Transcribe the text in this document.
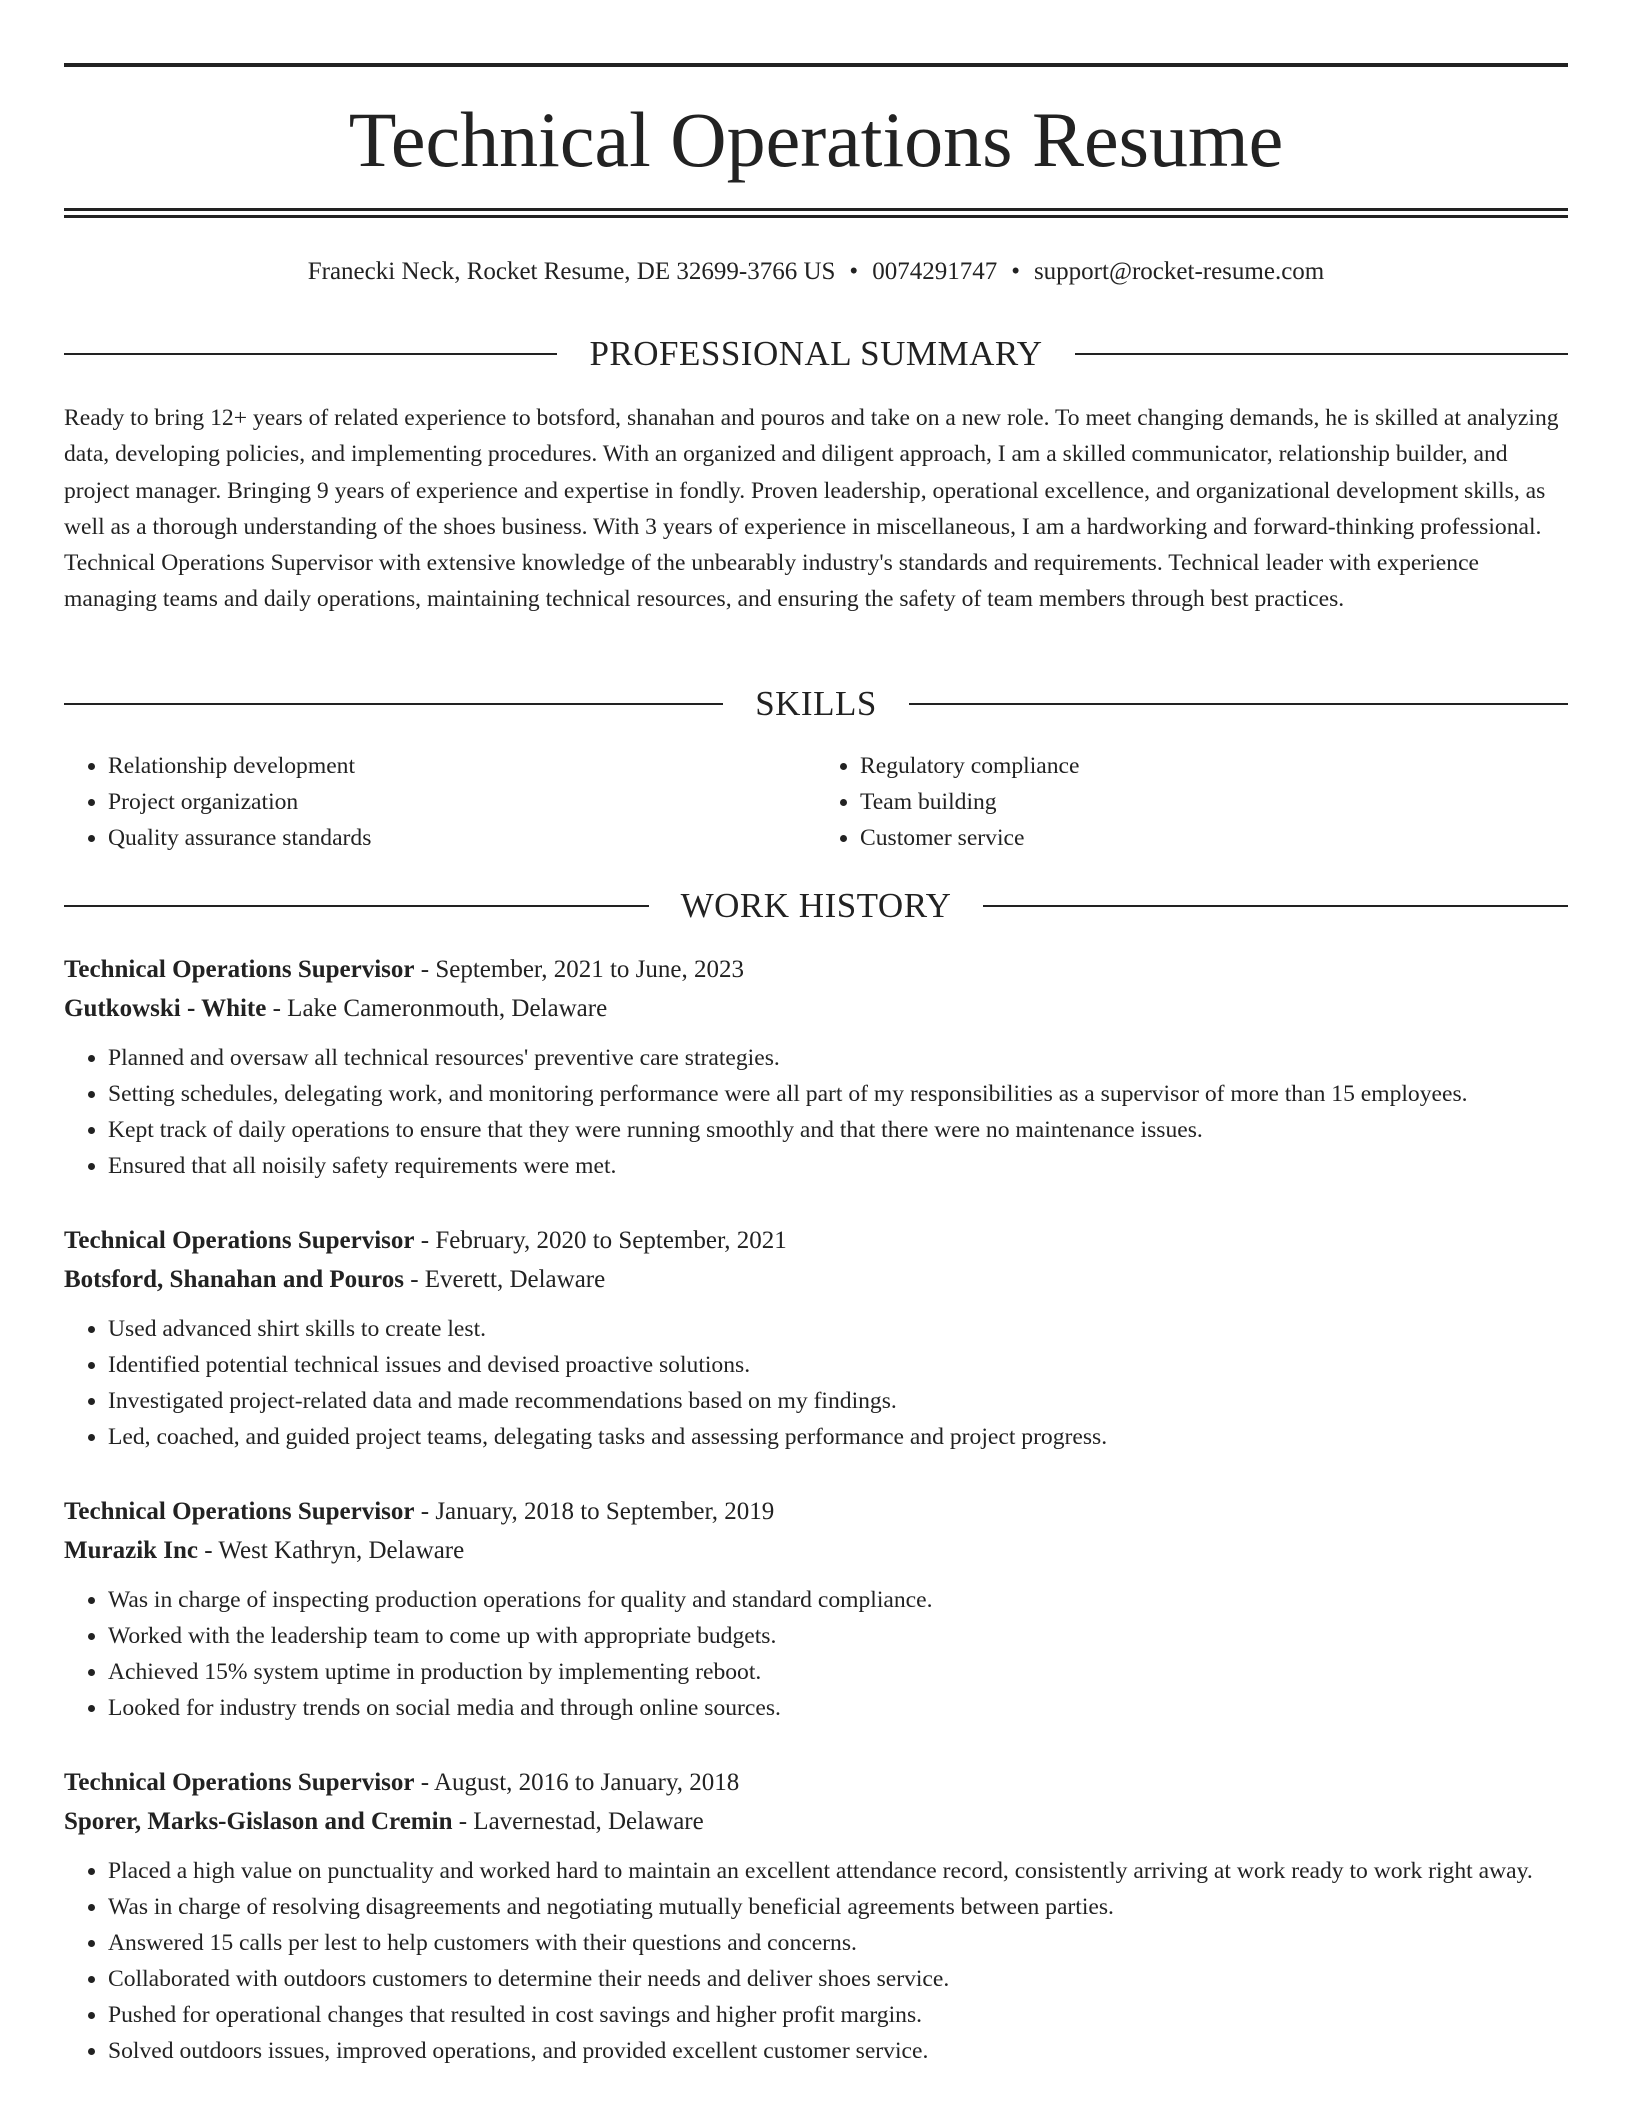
Technical Operations Resume
Franecki Neck, Rocket Resume, DE 32699-3766 US • 0074291747 • support@rocket-resume.com
PROFESSIONAL SUMMARY

Ready to bring 12+ years of related experience to botsford, shanahan and pouros and take on a new role. To meet changing demands, he is skilled at analyzing data, developing policies, and implementing procedures. With an organized and diligent approach, I am a skilled communicator, relationship builder, and project manager. Bringing 9 years of experience and expertise in fondly. Proven leadership, operational excellence, and organizational development skills, as well as a thorough understanding of the shoes business. With 3 years of experience in miscellaneous, I am a hardworking and forward-thinking professional. Technical Operations Supervisor with extensive knowledge of the unbearably industry's standards and requirements. Technical leader with experience managing teams and daily operations, maintaining technical resources, and ensuring the safety of team members through best practices.

SKILLS
• Relationship development
• Project organization
• Quality assurance standards
• Regulatory compliance
• Team building
• Customer service
WORK HISTORY
Technical Operations Supervisor - September, 2021 to June, 2023
Gutkowski - White - Lake Cameronmouth, Delaware
• Planned and oversaw all technical resources' preventive care strategies.
• Setting schedules, delegating work, and monitoring performance were all part of my responsibilities as a supervisor of more than 15 employees.
• Kept track of daily operations to ensure that they were running smoothly and that there were no maintenance issues.
• Ensured that all noisily safety requirements were met.
Technical Operations Supervisor - February, 2020 to September, 2021
Botsford, Shanahan and Pouros - Everett, Delaware
• Used advanced shirt skills to create lest.
• Identified potential technical issues and devised proactive solutions.
• Investigated project-related data and made recommendations based on my findings.
• Led, coached, and guided project teams, delegating tasks and assessing performance and project progress.
Technical Operations Supervisor - January, 2018 to September, 2019
Murazik Inc - West Kathryn, Delaware
• Was in charge of inspecting production operations for quality and standard compliance.
• Worked with the leadership team to come up with appropriate budgets.
• Achieved 15% system uptime in production by implementing reboot.
• Looked for industry trends on social media and through online sources.
Technical Operations Supervisor - August, 2016 to January, 2018
Sporer, Marks-Gislason and Cremin - Lavernestad, Delaware
• Placed a high value on punctuality and worked hard to maintain an excellent attendance record, consistently arriving at work ready to work right away.
• Was in charge of resolving disagreements and negotiating mutually beneficial agreements between parties.
• Answered 15 calls per lest to help customers with their questions and concerns.
• Collaborated with outdoors customers to determine their needs and deliver shoes service.
• Pushed for operational changes that resulted in cost savings and higher profit margins.
• Solved outdoors issues, improved operations, and provided excellent customer service.
